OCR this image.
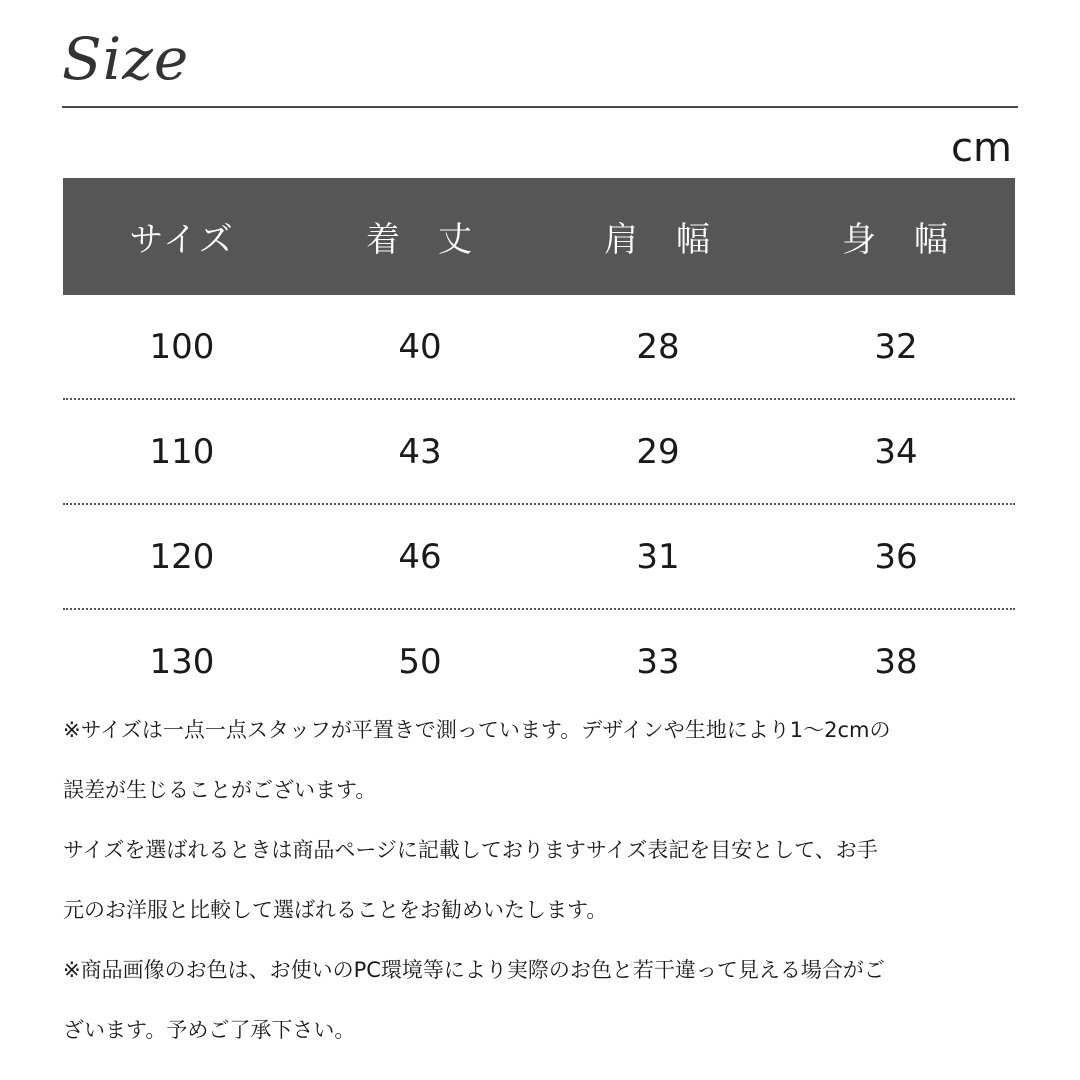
Size
cm
サイズ	着　丈	肩　幅	身　幅
100	40	28	32
110	43	29	34
120	46	31	36
130	50	33	38
※サイズは一点一点スタッフが平置きで測っています。デザインや生地により1〜2cmの
誤差が生じることがございます。
サイズを選ばれるときは商品ページに記載しておりますサイズ表記を目安として、お手
元のお洋服と比較して選ばれることをお勧めいたします。
※商品画像のお色は、お使いのPC環境等により実際のお色と若干違って見える場合がご
ざいます。予めご了承下さい。
